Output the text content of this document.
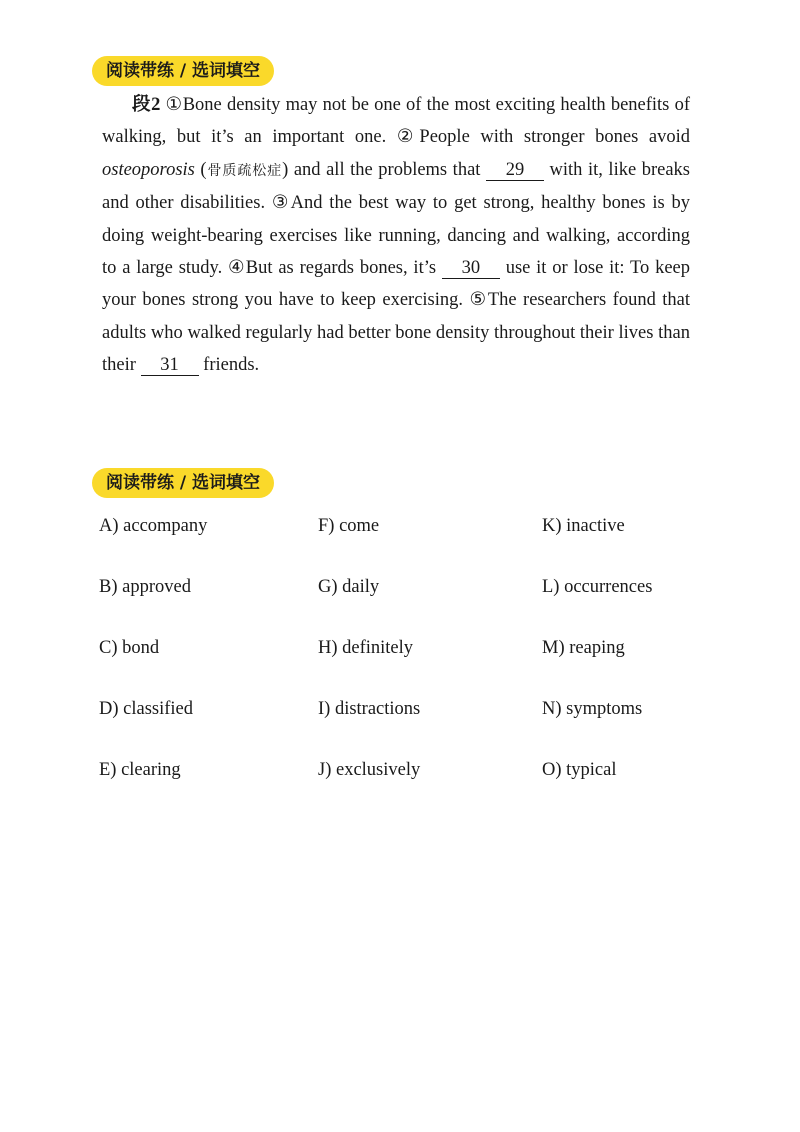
阅读带练 / 选词填空

段2 ①Bone density may not be one of the most exciting health benefits of walking, but it’s an important one. ②People with stronger bones avoid osteoporosis (骨质疏松症) and all the problems that 29 with it, like breaks and other disabilities. ③And the best way to get strong, healthy bones is by doing weight-bearing exercises like running, dancing and walking, according to a large study. ④But as regards bones, it’s 30 use it or lose it: To keep your bones strong you have to keep exercising. ⑤The researchers found that adults who walked regularly had better bone density throughout their lives than their 31 friends.

阅读带练 / 选词填空
A) accompany	F) come	K) inactive
B) approved	G) daily	L) occurrences
C) bond	H) definitely	M) reaping
D) classified	I) distractions	N) symptoms
E) clearing	J) exclusively	O) typical
